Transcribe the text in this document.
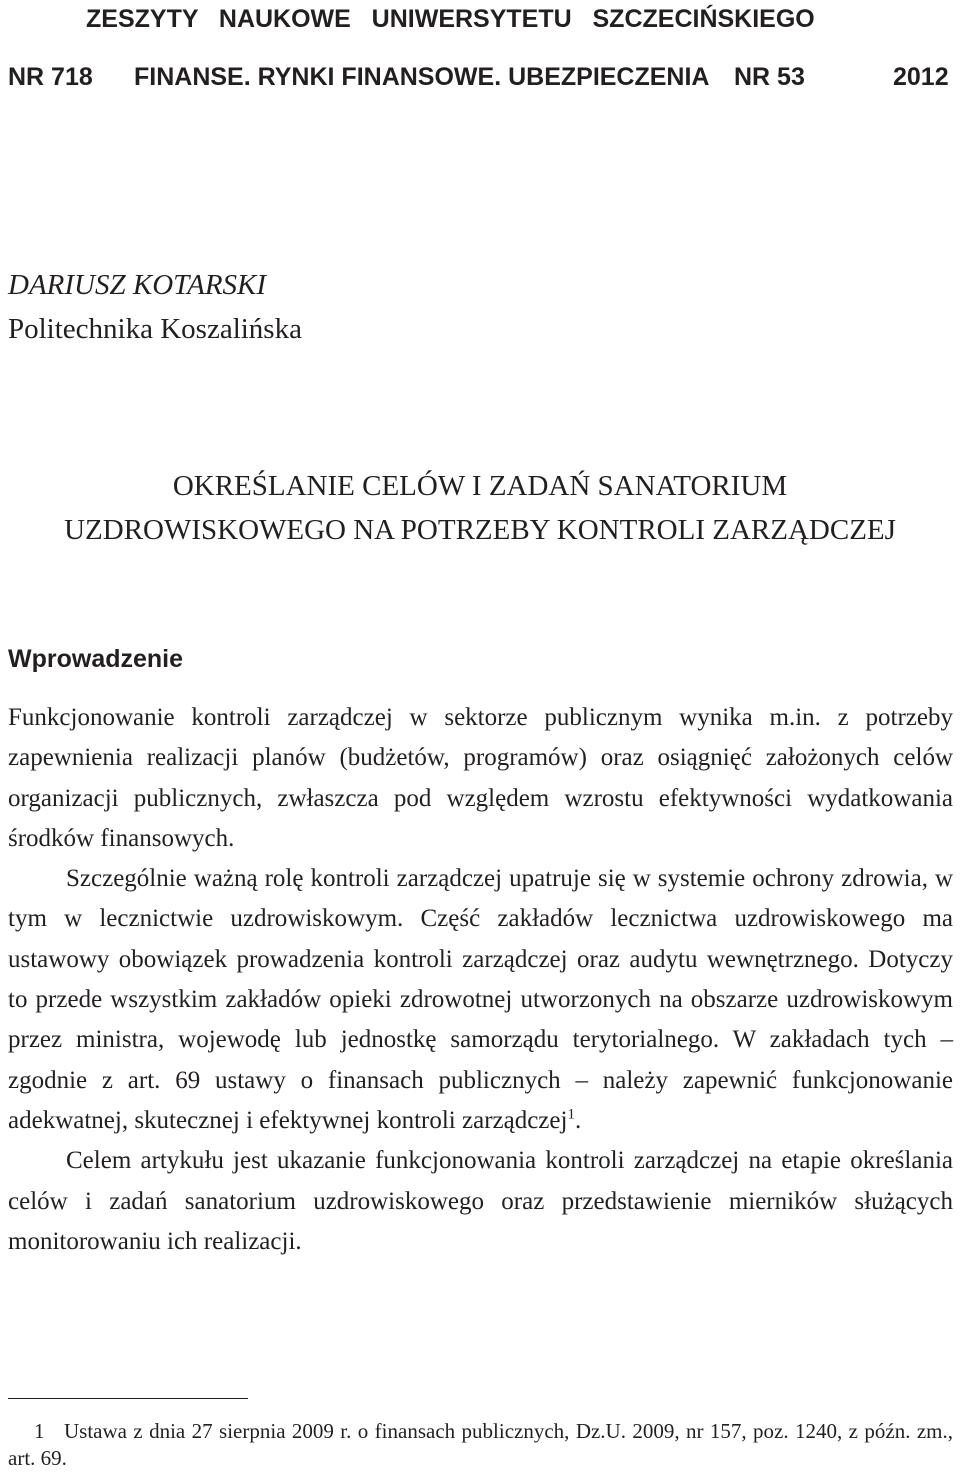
ZESZYTY   NAUKOWE   UNIWERSYTETU   SZCZECIŃSKIEGO
NR 718 FINANSE. RYNKI FINANSOWE. UBEZPIECZENIA NR 53	2012
DARIUSZ KOTARSKI
Politechnika Koszalińska
OKREŚLANIE CELÓW I ZADAŃ SANATORIUM
UZDROWISKOWEGO NA POTRZEBY KONTROLI ZARZĄDCZEJ
Wprowadzenie

Funkcjonowanie kontroli zarządczej w sektorze publicznym wynika m.in. z potrzeby zapewnienia realizacji planów (budżetów, programów) oraz osiągnięć założonych celów organizacji publicznych, zwłaszcza pod względem wzrostu efektywności wydatkowania środków finansowych.

Szczególnie ważną rolę kontroli zarządczej upatruje się w systemie ochrony zdrowia, w tym w lecznictwie uzdrowiskowym. Część zakładów lecznictwa uzdrowiskowego ma ustawowy obowiązek prowadzenia kontroli zarządczej oraz audytu wewnętrznego. Dotyczy to przede wszystkim zakładów opieki zdrowotnej utworzonych na obszarze uzdrowiskowym przez ministra, wojewodę lub jednostkę samorządu terytorialnego. W zakładach tych – zgodnie z art. 69 ustawy o finansach publicznych – należy zapewnić funkcjonowanie adekwatnej, skutecznej i efektywnej kontroli zarządczej$^1$.

Celem artykułu jest ukazanie funkcjonowania kontroli zarządczej na etapie określania celów i zadań sanatorium uzdrowiskowego oraz przedstawienie mierników służących monitorowaniu ich realizacji.

1 Ustawa z dnia 27 sierpnia 2009 r. o finansach publicznych, Dz.U. 2009, nr 157, poz. 1240, z późn. zm., art. 69.
